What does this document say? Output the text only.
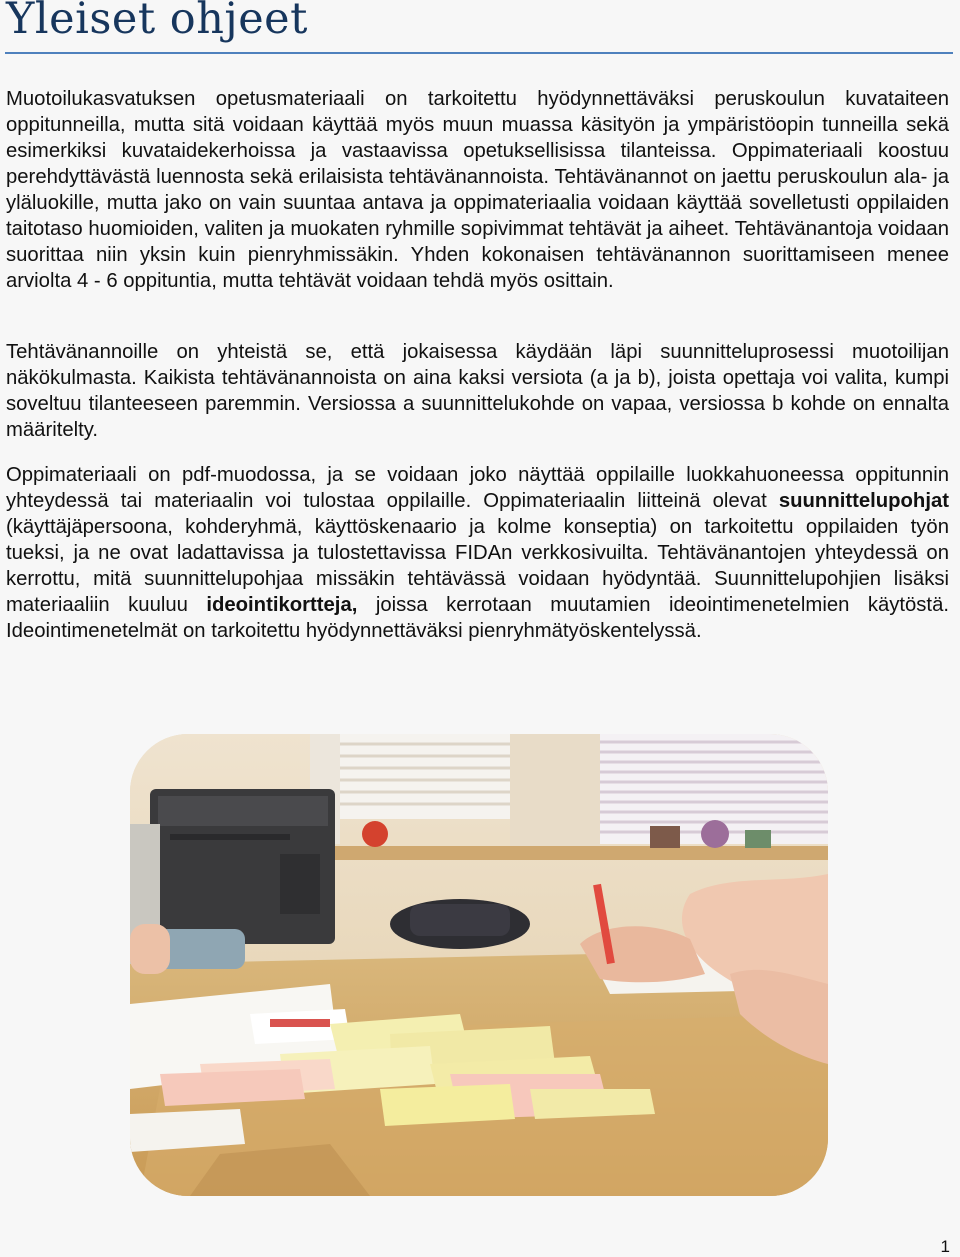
Yleiset ohjeet

Muotoilukasvatuksen opetusmateriaali on tarkoitettu hyödynnettäväksi peruskoulun kuvataiteen oppitunneilla, mutta sitä voidaan käyttää myös muun muassa käsityön ja ympäristöopin tunneilla sekä esimerkiksi kuvataidekerhoissa ja vastaavissa opetuksellisissa tilanteissa. Oppimateriaali koostuu perehdyttävästä luennosta sekä erilaisista tehtävänannoista. Tehtävänannot on jaettu peruskoulun ala- ja yläluokille, mutta jako on vain suuntaa antava ja oppimateriaalia voidaan käyttää sovelletusti oppilaiden taitotaso huomioiden, valiten ja muokaten ryhmille sopivimmat tehtävät ja aiheet. Tehtävänantoja voidaan suorittaa niin yksin kuin pienryhmissäkin. Yhden kokonaisen tehtävänannon suorittamiseen menee arviolta 4 - 6 oppituntia, mutta tehtävät voidaan tehdä myös osittain.

Tehtävänannoille on yhteistä se, että jokaisessa käydään läpi suunnitteluprosessi muotoilijan näkökulmasta. Kaikista tehtävänannoista on aina kaksi versiota (a ja b), joista opettaja voi valita, kumpi soveltuu tilanteeseen paremmin. Versiossa a suunnittelukohde on vapaa, versiossa b kohde on ennalta määritelty.

Oppimateriaali on pdf-muodossa, ja se voidaan joko näyttää oppilaille luokkahuoneessa oppitunnin yhteydessä tai materiaalin voi tulostaa oppilaille. Oppimateriaalin liitteinä olevat suunnittelupohjat (käyttäjäpersoona, kohderyhmä, käyttöskenaario ja kolme konseptia) on tarkoitettu oppilaiden työn tueksi, ja ne ovat ladattavissa ja tulostettavissa FIDAn verkkosivuilta. Tehtävänantojen yhteydessä on kerrottu, mitä suunnittelupohjaa missäkin tehtävässä voidaan hyödyntää. Suunnittelupohjien lisäksi materiaaliin kuuluu ideointikortteja, joissa kerrotaan muutamien ideointimenetelmien käytöstä. Ideointimenetelmät on tarkoitettu hyödynnettäväksi pienryhmätyöskentelyssä.

1
